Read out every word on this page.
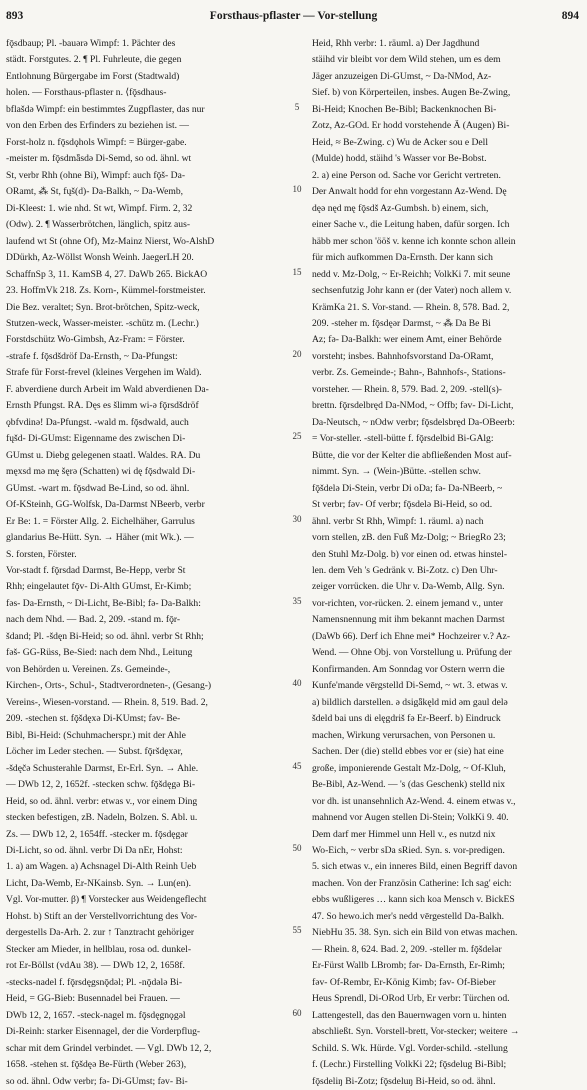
893	Forsthaus-pflaster — Vor-stellung	894
fǭsdbaup; Pl. -bauǝrǝ Wimpf: 1. Pächter des
städt. Forstgutes. 2. ¶ Pl. Fuhrleute, die gegen
Entlohnung Bürgergabe im Forst (Stadtwald)
holen. — Forsthaus-pflaster n. ⟨fǭsdhaus-
bflašdǝ Wimpf: ein bestimmtes Zugpflaster, das nur
von den Erben des Erfinders zu beziehen ist. —
Forst-holz n. fǭsdǫhols Wimpf: = Bürger-gabe.
-meister m. fǭsdmǟsdǝ Di-Semd, so od. ähnl. wt
St, verbr Rhh (ohne Bi), Wimpf: auch fǭš- Da-
ORamt, ⁂ St, fųš(d)- Da-Balkh, ~ Da-Wemb,
Di-Kleest: 1. wie nhd. St wt, Wimpf. Firm. 2, 32
(Odw). 2. ¶ Wasserbrötchen, länglich, spitz aus-
laufend wt St (ohne Of), Mz-Mainz Nierst, Wo-AlshD
DDürkh, Az-Wöllst Wonsh Weinh. JaegerLH 20.
SchaffnSp 3, 11. KamSB 4, 27. DaWb 265. BickAO
23. HoffmVk 218. Zs. Korn-, Kümmel-forstmeister.
Die Bez. veraltet; Syn. Brot-brötchen, Spitz-weck,
Stutzen-weck, Wasser-meister. -schütz m. (Lechr.)
Forstdschütz Wo-Gimbsh, Az-Fram: = Förster.
-strafe f. fǭsdšdröf Da-Ernsth, ~ Da-Pfungst:
Strafe für Forst-frevel (kleines Vergehen im Wald).
F. abverdiene durch Arbeit im Wald abverdienen Da-
Ernsth Pfungst. RA. Dęs es šlimm wi-ǝ fǭrsdšdröf
ǫbfvdinǝ! Da-Pfungst. -wald m. fǭsdwald, auch
fųšd- Di-GUmst: Eigenname des zwischen Di-
GUmst u. Diebg gelegenen staatl. Waldes. RA. Du
męxsd mǝ mę šęrǝ (Schatten) wi dę fǭsdwald Di-
GUmst. -wart m. fǭsdwad Be-Lind, so od. ähnl.
Of-KSteinh, GG-Wolfsk, Da-Darmst NBeerb, verbr
Er Be: 1. = Förster Allg. 2. Eichelhäher, Garrulus
glandarius Be-Hütt. Syn. → Häher (mit Wk.). —
S. forsten, Förster.
Vor-stadt f. fǭrsdad Darmst, Be-Hepp, verbr St
Rhh; eingelautet fǭv- Di-Alth GUmst, Er-Kimb;
fǝs- Da-Ernsth, ~ Di-Licht, Be-Bibl; fǝ- Da-Balkh:
nach dem Nhd. — Bad. 2, 209. -stand m. fǭr-
šdand; Pl. -šdęn Bi-Heid; so od. ähnl. verbr St Rhh;
fǝš- GG-Rüss, Be-Sied: nach dem Nhd., Leitung
von Behörden u. Vereinen. Zs. Gemeinde-,
Kirchen-, Orts-, Schul-, Stadtverordneten-, (Gesang-)
Vereins-, Wiesen-vorstand. — Rhein. 8, 519. Bad. 2,
209. -stechen st. fǭšdęxǝ Di-KUmst; fǝv- Be-
Bibl, Bi-Heid: (Schuhmacherspr.) mit der Ahle
Löcher im Leder stechen. — Subst. fǭršdęxǝr,
-šdęčǝ Schusterahle Darmst, Er-Erl. Syn. → Ahle.
— DWb 12, 2, 1652f. -stecken schw. fǭšdęgǝ Bi-
Heid, so od. ähnl. verbr: etwas v., vor einem Ding
stecken befestigen, zB. Nadeln, Bolzen. S. Abl. u.
Zs. — DWb 12, 2, 1654ff. -stecker m. fǭsdęgǝr
Di-Licht, so od. ähnl. verbr Di Da nEr, Hohst:
1. a) am Wagen. a) Achsnagel Di-Alth Reinh Ueb
Licht, Da-Wemb, Er-NKainsb. Syn. → Lun(en).
Vgl. Vor-mutter. β) ¶ Vorstecker aus Weidengeflecht
Hohst. b) Stift an der Verstellvorrichtung des Vor-
dergestells Da-Arh. 2. zur ↑ Tanztracht gehöriger
Stecker am Mieder, in hellblau, rosa od. dunkel-
rot Er-Böllst (vdAu 38). — DWb 12, 2, 1658f.
-stecks-nadel f. fǭrsdęgsnǭdǝl; Pl. -nǭdǝlǝ Bi-
Heid, = GG-Bieb: Busennadel bei Frauen. —
DWb 12, 2, 1657. -steck-nagel m. fǭsdęgnǫgǝl
Di-Reinh: starker Eisennagel, der die Vorderpflug-
schar mit dem Grindel verbindet. — Vgl. DWb 12, 2,
1658. -stehen st. fǭšdęǝ Be-Fürth (Weber 263),
so od. ähnl. Odw verbr; fǝ- Di-GUmst; fǝv- Bi-
5
10
15
20
25
30
35
40
45
50
55
60
Heid, Rhh verbr: 1. räuml. a) Der Jagdhund
stäihd vir bleibt vor dem Wild stehen, um es dem
Jäger anzuzeigen Di-GUmst, ~ Da-NMod, Az-
Sief. b) von Körperteilen, insbes. Augen Be-Zwing,
Bi-Heid; Knochen Be-Bibl; Backenknochen Bi-
Zotz, Az-GOd. Er hodd vorstehende Ä (Augen) Bi-
Heid, ≈ Be-Zwing. c) Wu de Acker sou e Dell
(Mulde) hodd, stäihd 's Wasser vor Be-Bobst.
2. a) eine Person od. Sache vor Gericht vertreten.
Der Anwalt hodd for ehn vorgestann Az-Wend. Dę
dęǝ nęd mę fǭsdš Az-Gumbsh. b) einem, sich,
einer Sache v., die Leitung haben, dafür sorgen. Ich
häbb mer schon 'ööš v. kenne ich konnte schon allein
für mich aufkommen Da-Ernsth. Der kann sich
nedd v. Mz-Dolg, ~ Er-Reichh; VolkKi 7. mit seune
sechsenfutzig Johr kann er (der Vater) noch allem v.
KrämKa 21. S. Vor-stand. — Rhein. 8, 578. Bad. 2,
209. -steher m. fǭsdęǝr Darmst, ~ ⁂ Da Be Bi
Az; fǝ- Da-Balkh: wer einem Amt, einer Behörde
vorsteht; insbes. Bahnhofsvorstand Da-ORamt,
verbr. Zs. Gemeinde-; Bahn-, Bahnhofs-, Stations-
vorsteher. — Rhein. 8, 579. Bad. 2, 209. -stell(s)-
brettn. fǭrsdelbręd Da-NMod, ~ Offb; fǝv- Di-Licht,
Da-Neutsch, ~ nOdw verbr; fǭsdelsbręd Da-OBeerb:
= Vor-steller. -stell-bütte f. fǭrsdelbid Bi-GAlg:
Bütte, die vor der Kelter die abfließenden Most auf-
nimmt. Syn. → (Wein-)Bütte. -stellen schw.
fǭšdelǝ Di-Stein, verbr Di oDa; fǝ- Da-NBeerb, ~
St verbr; fǝv- Of verbr; fǭsdelǝ Bi-Heid, so od.
ähnl. verbr St Rhh, Wimpf: 1. räuml. a) nach
vorn stellen, zB. den Fuß Mz-Dolg; ~ BriegRo 23;
den Stuhl Mz-Dolg. b) vor einen od. etwas hinstel-
len. dem Veh 's Gedränk v. Bi-Zotz. c) Den Uhr-
zeiger vorrücken. die Uhr v. Da-Wemb, Allg. Syn.
vor-richten, vor-rücken. 2. einem jemand v., unter
Namensnennung mit ihm bekannt machen Darmst
(DaWb 66). Derf ich Ehne mei* Hochzeirer v.? Az-
Wend. — Ohne Obj. von Vorstellung u. Prüfung der
Konfirmanden. Am Sonndag vor Ostern werrn die
Kunfe'mande vērgstelld Di-Semd, ~ wt. 3. etwas v.
a) bildlich darstellen. ǝ dsigǟkęld mid ǝm gaul delǝ
šdeld bai uns di elęgdriš fǝ Er-Beerf. b) Eindruck
machen, Wirkung verursachen, von Personen u.
Sachen. Der (die) stelld ebbes vor er (sie) hat eine
große, imponierende Gestalt Mz-Dolg, ~ Of-Kluh,
Be-Bibl, Az-Wend. — 's (das Geschenk) stelld nix
vor dh. ist unansehnlich Az-Wend. 4. einem etwas v.,
mahnend vor Augen stellen Di-Stein; VolkKi 9. 40.
Dem darf mer Himmel unn Hell v., es nutzd nix
Wo-Eich, ~ verbr sDa sRied. Syn. s. vor-predigen.
5. sich etwas v., ein inneres Bild, einen Begriff davon
machen. Von der Französin Catherine: Ich sag' eich:
ebbs wußligeres … kann sich koa Mensch v. BickES
47. So hewo.ich mer's nedd vērgestelld Da-Balkh.
NiebHu 35. 38. Syn. sich ein Bild von etwas machen.
— Rhein. 8, 624. Bad. 2, 209. -steller m. fǭšdelǝr
Er-Fürst Wallb LBromb; fǝr- Da-Ernsth, Er-Rimh;
fǝv- Of-Rembr, Er-König Kimb; fǝv- Of-Bieber
Heus Sprendl, Di-ORod Urb, Er verbr: Türchen od.
Lattengestell, das den Bauernwagen vorn u. hinten
abschließt. Syn. Vorstell-brett, Vor-stecker; weitere →
Schild. S. Wk. Hürde. Vgl. Vorder-schild. -stellung
f. (Lechr.) Firstelling VolkKi 22; fǭsdelug Bi-Bibl;
fǭsdeliŋ Bi-Zotz; fǭsdeluŋ Bi-Heid, so od. ähnl.
